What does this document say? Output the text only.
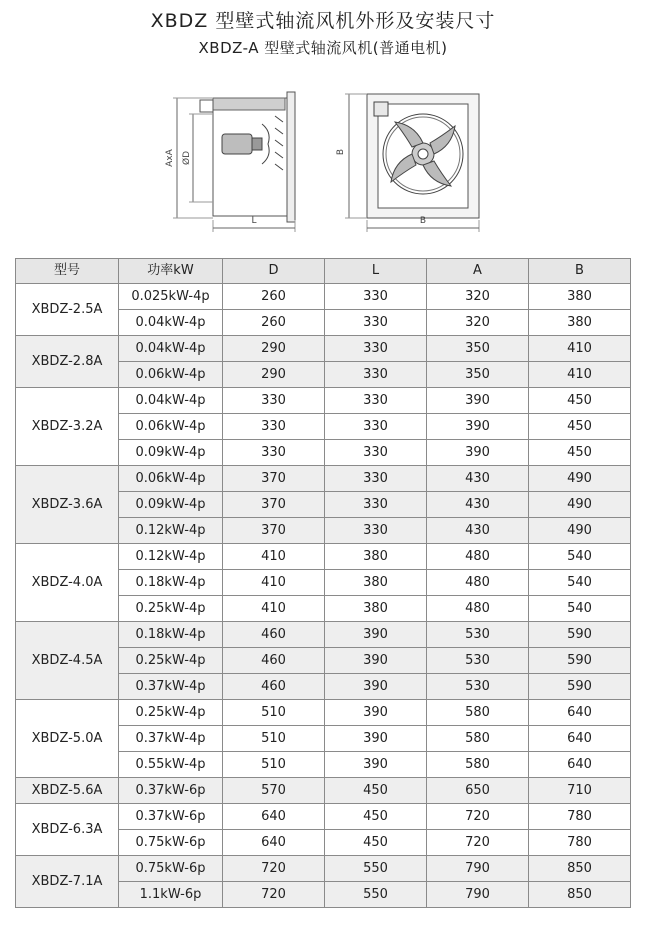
XBDZ 型壁式轴流风机外形及安装尺寸
XBDZ-A 型壁式轴流风机(普通电机)
AxA ØD
L
B
B
型号	功率kW	D	L	A	B
XBDZ-2.5A	0.025kW-4p	260	330	320	380
	0.04kW-4p	260	330	320	380
XBDZ-2.8A	0.04kW-4p	290	330	350	410
	0.06kW-4p	290	330	350	410
XBDZ-3.2A	0.04kW-4p	330	330	390	450
	0.06kW-4p	330	330	390	450
	0.09kW-4p	330	330	390	450
XBDZ-3.6A	0.06kW-4p	370	330	430	490
	0.09kW-4p	370	330	430	490
	0.12kW-4p	370	330	430	490
XBDZ-4.0A	0.12kW-4p	410	380	480	540
	0.18kW-4p	410	380	480	540
	0.25kW-4p	410	380	480	540
XBDZ-4.5A	0.18kW-4p	460	390	530	590
	0.25kW-4p	460	390	530	590
	0.37kW-4p	460	390	530	590
XBDZ-5.0A	0.25kW-4p	510	390	580	640
	0.37kW-4p	510	390	580	640
	0.55kW-4p	510	390	580	640
XBDZ-5.6A	0.37kW-6p	570	450	650	710
XBDZ-6.3A	0.37kW-6p	640	450	720	780
	0.75kW-6p	640	450	720	780
XBDZ-7.1A	0.75kW-6p	720	550	790	850
	1.1kW-6p	720	550	790	850
